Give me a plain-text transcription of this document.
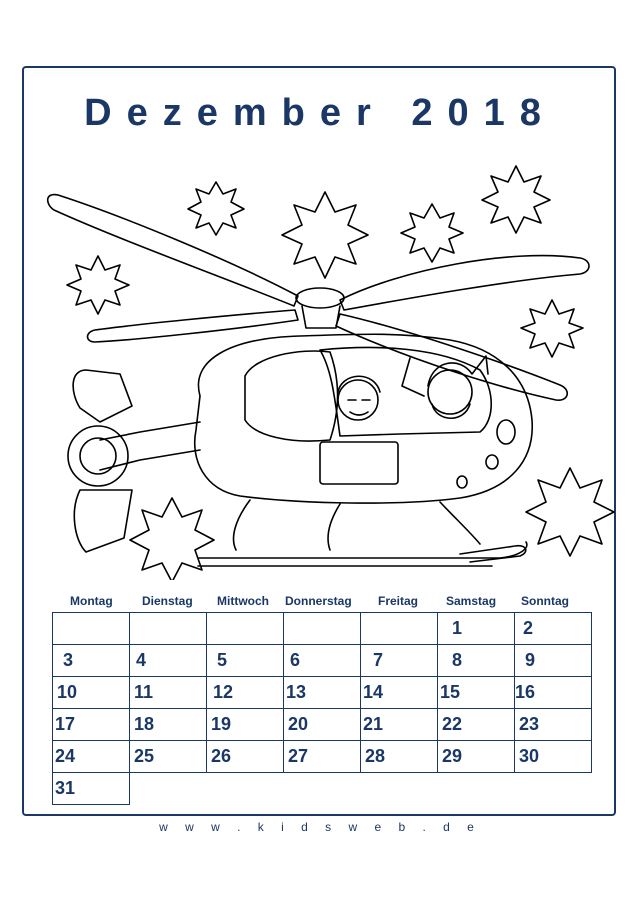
Dezember 2018
Montag Dienstag Mittwoch Donnerstag Freitag Samstag Sonntag
					1	2
3	4	5	6	7	8	9
10	11	12	13	14	15	16
17	18	19	20	21	22	23
24	25	26	27	28	29	30
31						
w w w . k i d s w e b . d e
